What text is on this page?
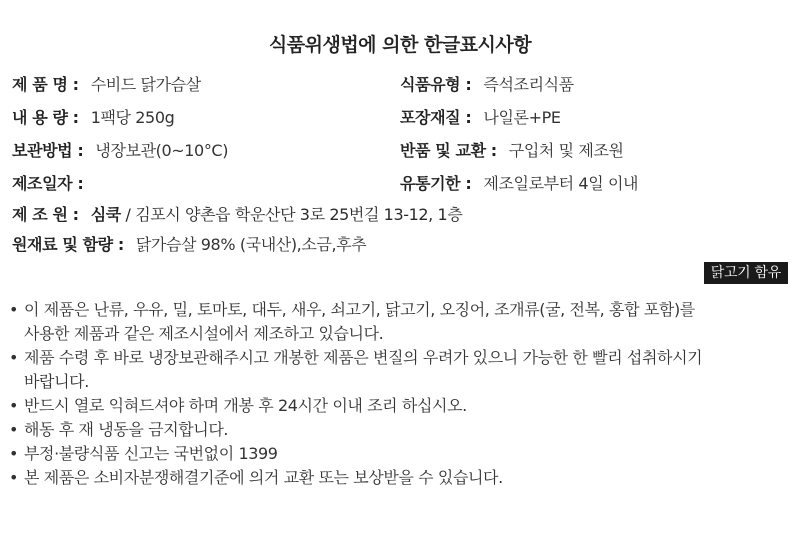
식품위생법에 의한 한글표시사항
제 품 명 : 수비드 닭가슴살	식품유형 : 즉석조리식품
내 용 량 : 1팩당 250g	포장재질 : 나일론+PE
보관방법 : 냉장보관(0~10°C)	반품 및 교환 : 구입처 및 제조원
제조일자 :	유통기한 : 제조일로부터 4일 이내
제 조 원 : 심쿡 / 김포시 양촌읍 학운산단 3로 25번길 13-12, 1층
원재료 및 함량 : 닭가슴살 98% (국내산),소금,후추
닭고기 함유
• 이 제품은 난류, 우유, 밀, 토마토, 대두, 새우, 쇠고기, 닭고기, 오징어, 조개류(굴, 전복, 홍합 포함)를
사용한 제품과 같은 제조시설에서 제조하고 있습니다.
• 제품 수령 후 바로 냉장보관해주시고 개봉한 제품은 변질의 우려가 있으니 가능한 한 빨리 섭취하시기
바랍니다.
• 반드시 열로 익혀드셔야 하며 개봉 후 24시간 이내 조리 하십시오.
• 해동 후 재 냉동을 금지합니다.
• 부정·불량식품 신고는 국번없이 1399
• 본 제품은 소비자분쟁해결기준에 의거 교환 또는 보상받을 수 있습니다.
